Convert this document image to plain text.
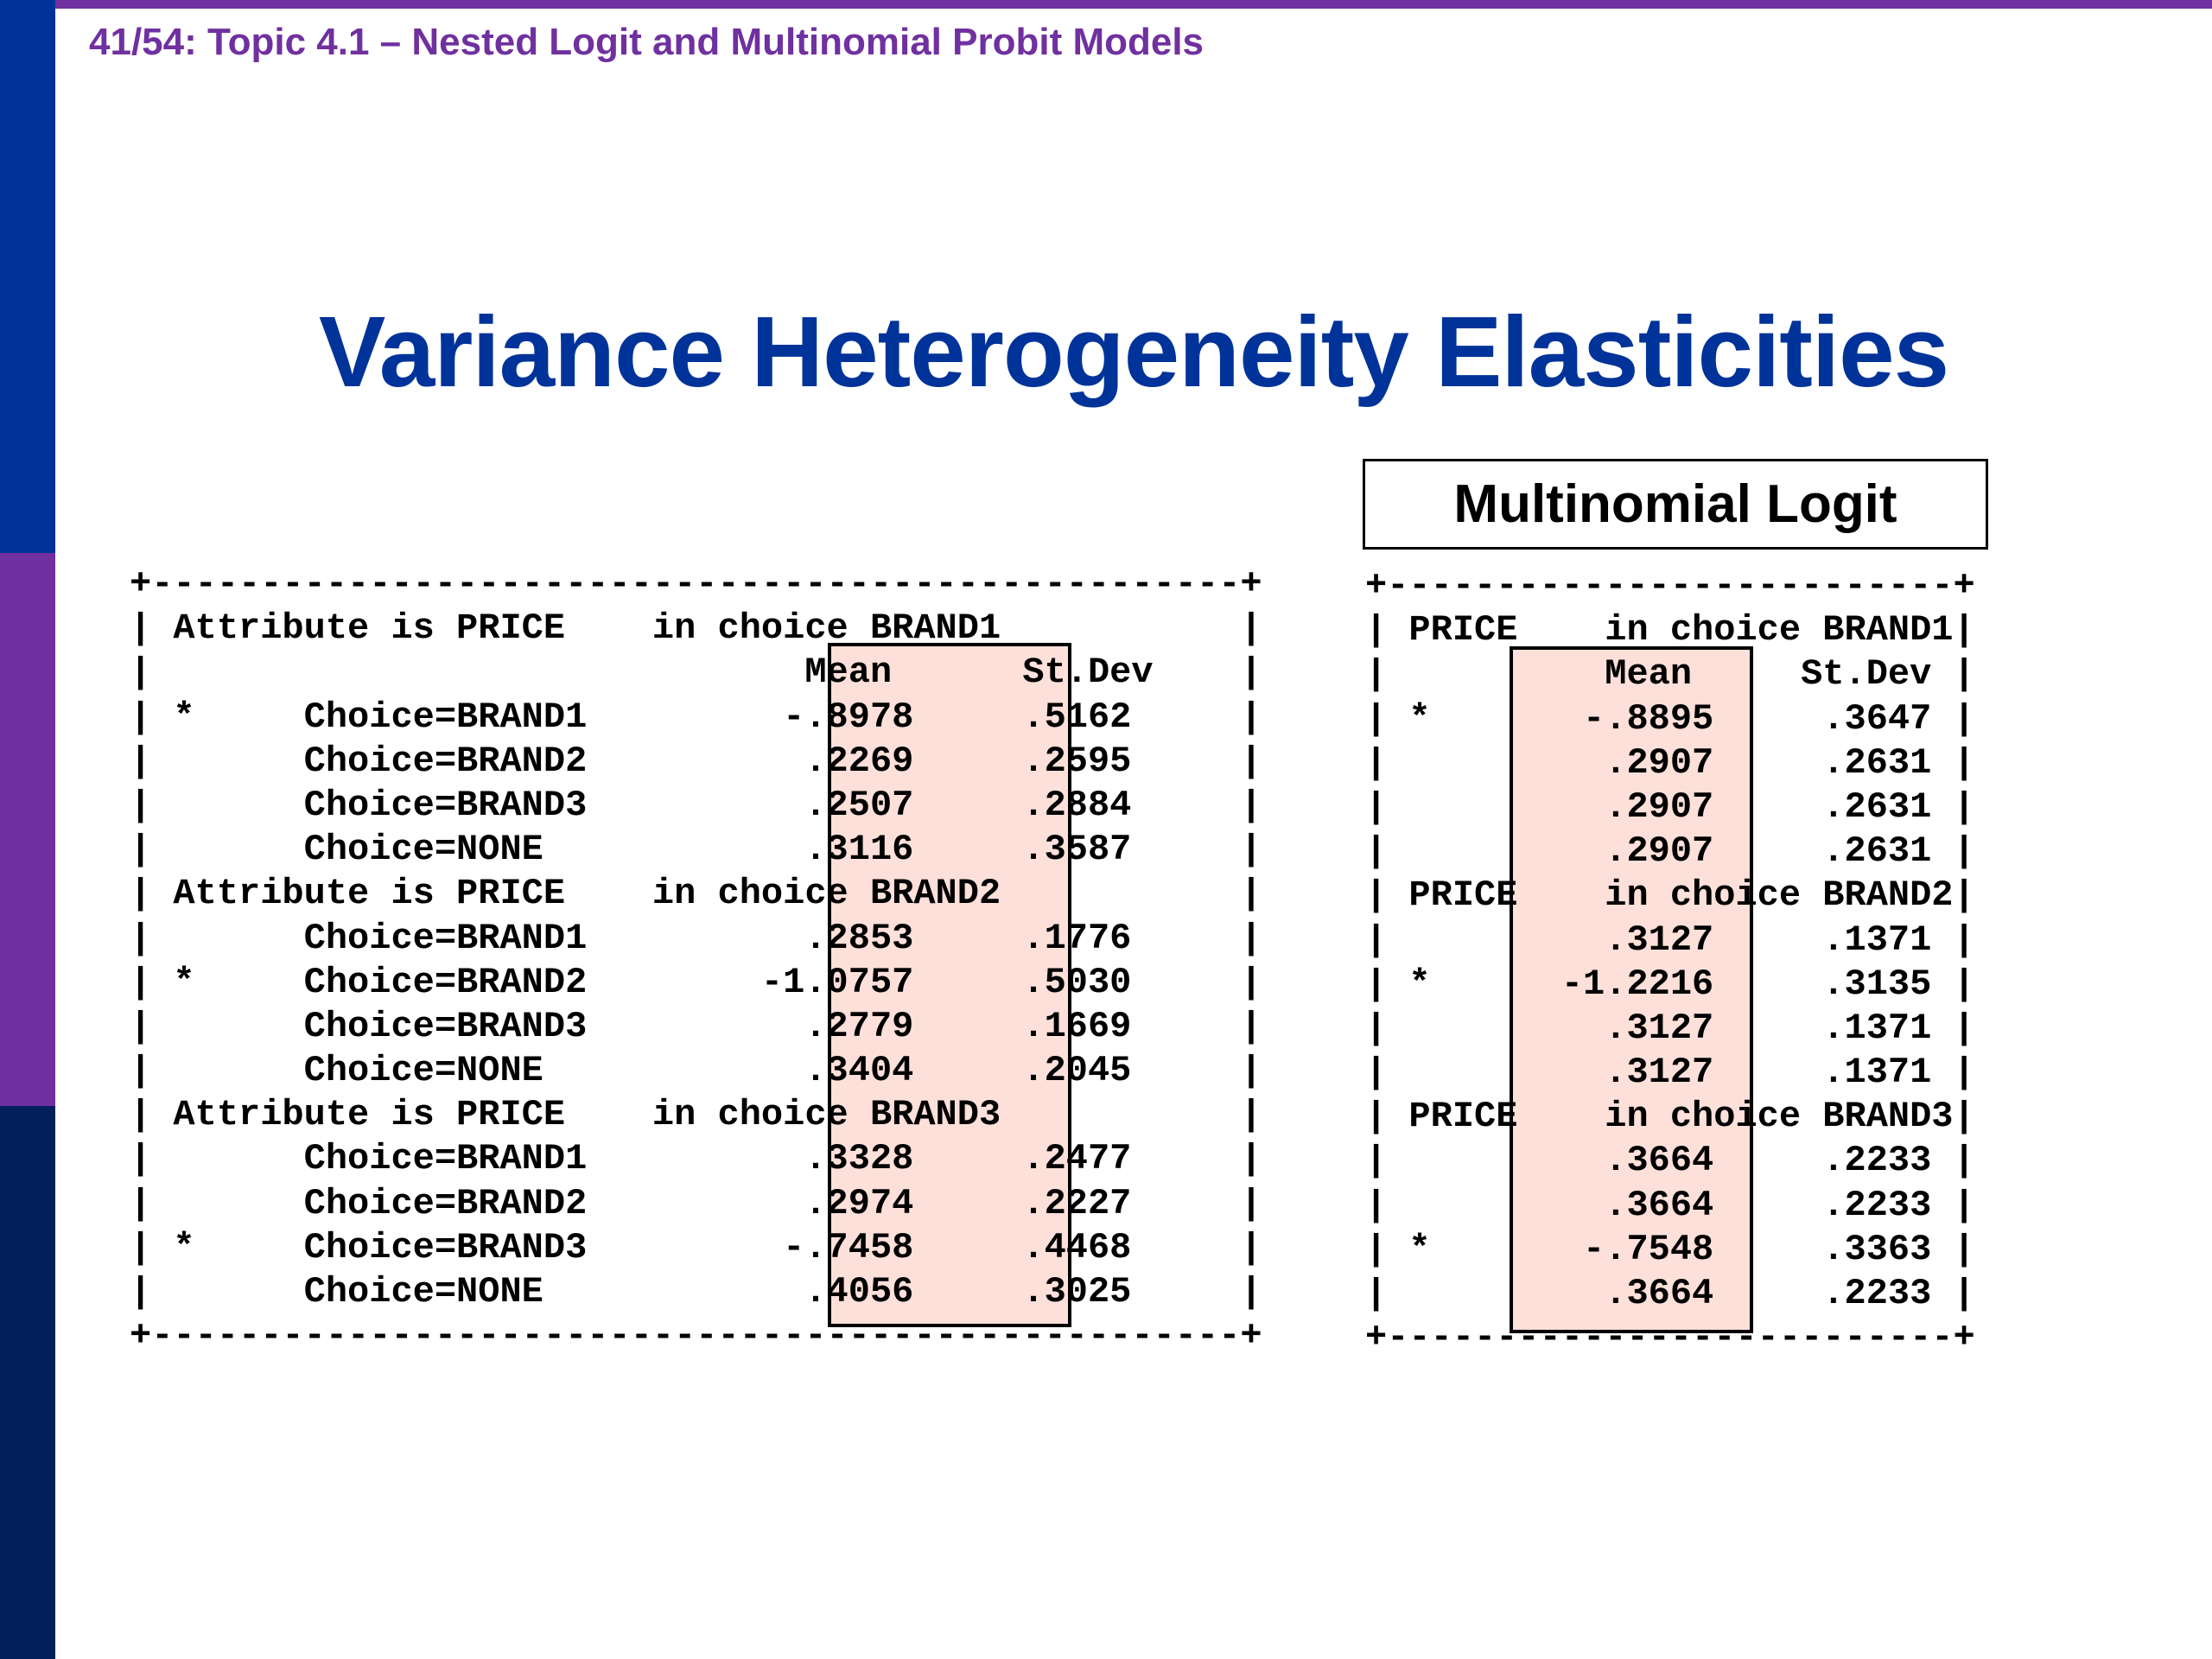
41/54: Topic 4.1 – Nested Logit and Multinomial Probit Models
Variance Heterogeneity Elasticities
Multinomial Logit
+--------------------------------------------------+
| Attribute is PRICE    in choice BRAND1           |
|                              Mean      St.Dev    |
| *     Choice=BRAND1         -.8978     .5162     |
|       Choice=BRAND2          .2269     .2595     |
|       Choice=BRAND3          .2507     .2884     |
|       Choice=NONE            .3116     .3587     |
| Attribute is PRICE    in choice BRAND2           |
|       Choice=BRAND1          .2853     .1776     |
| *     Choice=BRAND2        -1.0757     .5030     |
|       Choice=BRAND3          .2779     .1669     |
|       Choice=NONE            .3404     .2045     |
| Attribute is PRICE    in choice BRAND3           |
|       Choice=BRAND1          .3328     .2477     |
|       Choice=BRAND2          .2974     .2227     |
| *     Choice=BRAND3         -.7458     .4468     |
|       Choice=NONE            .4056     .3025     |
+--------------------------------------------------+
+--------------------------+
| PRICE    in choice BRAND1|
|          Mean     St.Dev |
| *       -.8895     .3647 |
|          .2907     .2631 |
|          .2907     .2631 |
|          .2907     .2631 |
| PRICE    in choice BRAND2|
|          .3127     .1371 |
| *      -1.2216     .3135 |
|          .3127     .1371 |
|          .3127     .1371 |
| PRICE    in choice BRAND3|
|          .3664     .2233 |
|          .3664     .2233 |
| *       -.7548     .3363 |
|          .3664     .2233 |
+--------------------------+
